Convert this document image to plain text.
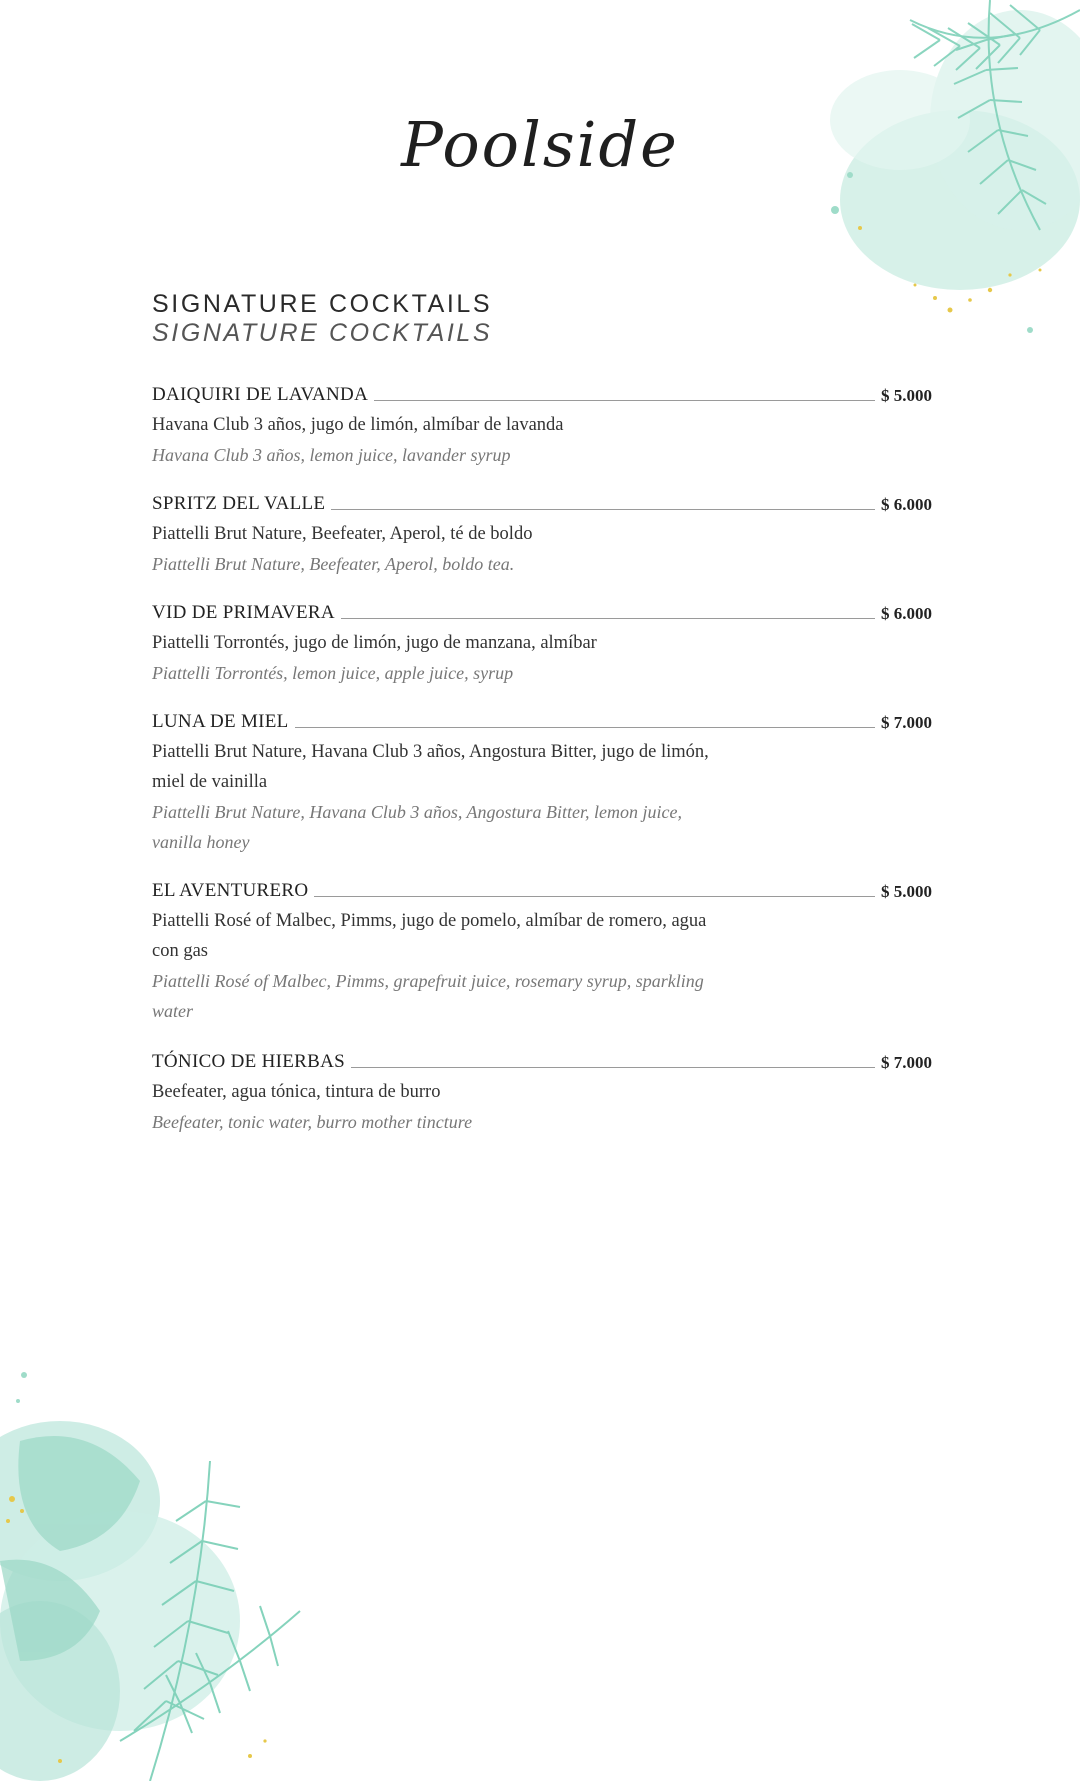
Poolside
SIGNATURE COCKTAILS
SIGNATURE COCKTAILS
DAIQUIRI DE LAVANDA	$ 5.000
Havana Club 3 años, jugo de limón, almíbar de lavanda
Havana Club 3 años, lemon juice, lavander syrup
SPRITZ DEL VALLE	$ 6.000
Piattelli Brut Nature, Beefeater, Aperol, té de boldo
Piattelli Brut Nature, Beefeater, Aperol, boldo tea.
VID DE PRIMAVERA	$ 6.000
Piattelli Torrontés, jugo de limón, jugo de manzana, almíbar
Piattelli Torrontés, lemon juice, apple juice, syrup
LUNA DE MIEL	$ 7.000
Piattelli Brut Nature, Havana Club 3 años, Angostura Bitter, jugo de limón, miel de vainilla
Piattelli Brut Nature, Havana Club 3 años, Angostura Bitter, lemon juice, vanilla honey
EL AVENTURERO	$ 5.000
Piattelli Rosé of Malbec, Pimms, jugo de pomelo, almíbar de romero, agua con gas
Piattelli Rosé of Malbec, Pimms, grapefruit juice, rosemary syrup, sparkling water
TÓNICO DE HIERBAS	$ 7.000
Beefeater, agua tónica, tintura de burro
Beefeater, tonic water, burro mother tincture
